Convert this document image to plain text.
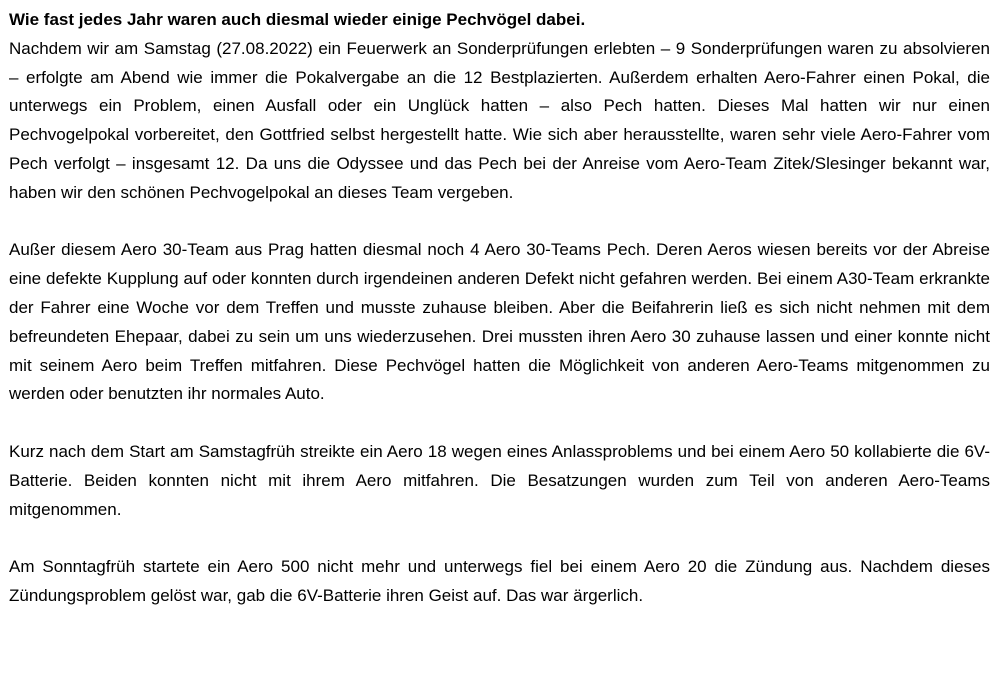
Wie fast jedes Jahr waren auch diesmal wieder einige Pechvögel dabei.

Nachdem wir am Samstag (27.08.2022) ein Feuerwerk an Sonderprüfungen erlebten – 9 Sonderprüfungen waren zu absolvieren – erfolgte am Abend wie immer die Pokalvergabe an die 12 Bestplazierten. Außerdem erhalten Aero-Fahrer einen Pokal, die unterwegs ein Problem, einen Ausfall oder ein Unglück hatten – also Pech hatten. Dieses Mal hatten wir nur einen Pechvogelpokal vorbereitet, den Gottfried selbst hergestellt hatte. Wie sich aber herausstellte, waren sehr viele Aero-Fahrer vom Pech verfolgt – insgesamt 12. Da uns die Odyssee und das Pech bei der Anreise vom Aero-Team Zitek/Slesinger bekannt war, haben wir den schönen Pechvogelpokal an dieses Team vergeben.

Außer diesem Aero 30-Team aus Prag hatten diesmal noch 4 Aero 30-Teams Pech. Deren Aeros wiesen bereits vor der Abreise eine defekte Kupplung auf oder konnten durch irgendeinen anderen Defekt nicht gefahren werden. Bei einem A30-Team erkrankte der Fahrer eine Woche vor dem Treffen und musste zuhause bleiben. Aber die Beifahrerin ließ es sich nicht nehmen mit dem befreundeten Ehepaar, dabei zu sein um uns wiederzusehen. Drei mussten ihren Aero 30 zuhause lassen und einer konnte nicht mit seinem Aero beim Treffen mitfahren. Diese Pechvögel hatten die Möglichkeit von anderen Aero-Teams mitgenommen zu werden oder benutzten ihr normales Auto.

Kurz nach dem Start am Samstagfrüh streikte ein Aero 18 wegen eines Anlassproblems und bei einem Aero 50 kollabierte die 6V-Batterie. Beiden konnten nicht mit ihrem Aero mitfahren. Die Besatzungen wurden zum Teil von anderen Aero-Teams mitgenommen.

Am Sonntagfrüh startete ein Aero 500 nicht mehr und unterwegs fiel bei einem Aero 20 die Zündung aus. Nachdem dieses Zündungsproblem gelöst war, gab die 6V-Batterie ihren Geist auf. Das war ärgerlich.
